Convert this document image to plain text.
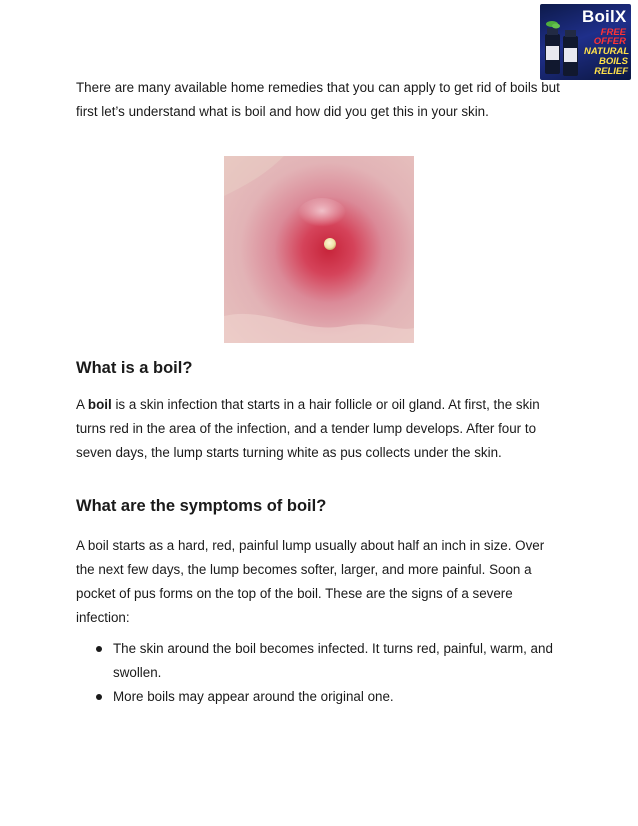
BoilX
FREE
OFFER
NATURAL
BOILS
RELIEF

There are many available home remedies that you can apply to get rid of boils but first let’s understand what is boil and how did you get this in your skin.

What is a boil?

A boil is a skin infection that starts in a hair follicle or oil gland. At first, the skin turns red in the area of the infection, and a tender lump develops. After four to seven days, the lump starts turning white as pus collects under the skin.

What are the symptoms of boil?

A boil starts as a hard, red, painful lump usually about half an inch in size. Over the next few days, the lump becomes softer, larger, and more painful. Soon a pocket of pus forms on the top of the boil. These are the signs of a severe infection:

The skin around the boil becomes infected. It turns red, painful, warm, and swollen.
More boils may appear around the original one.
